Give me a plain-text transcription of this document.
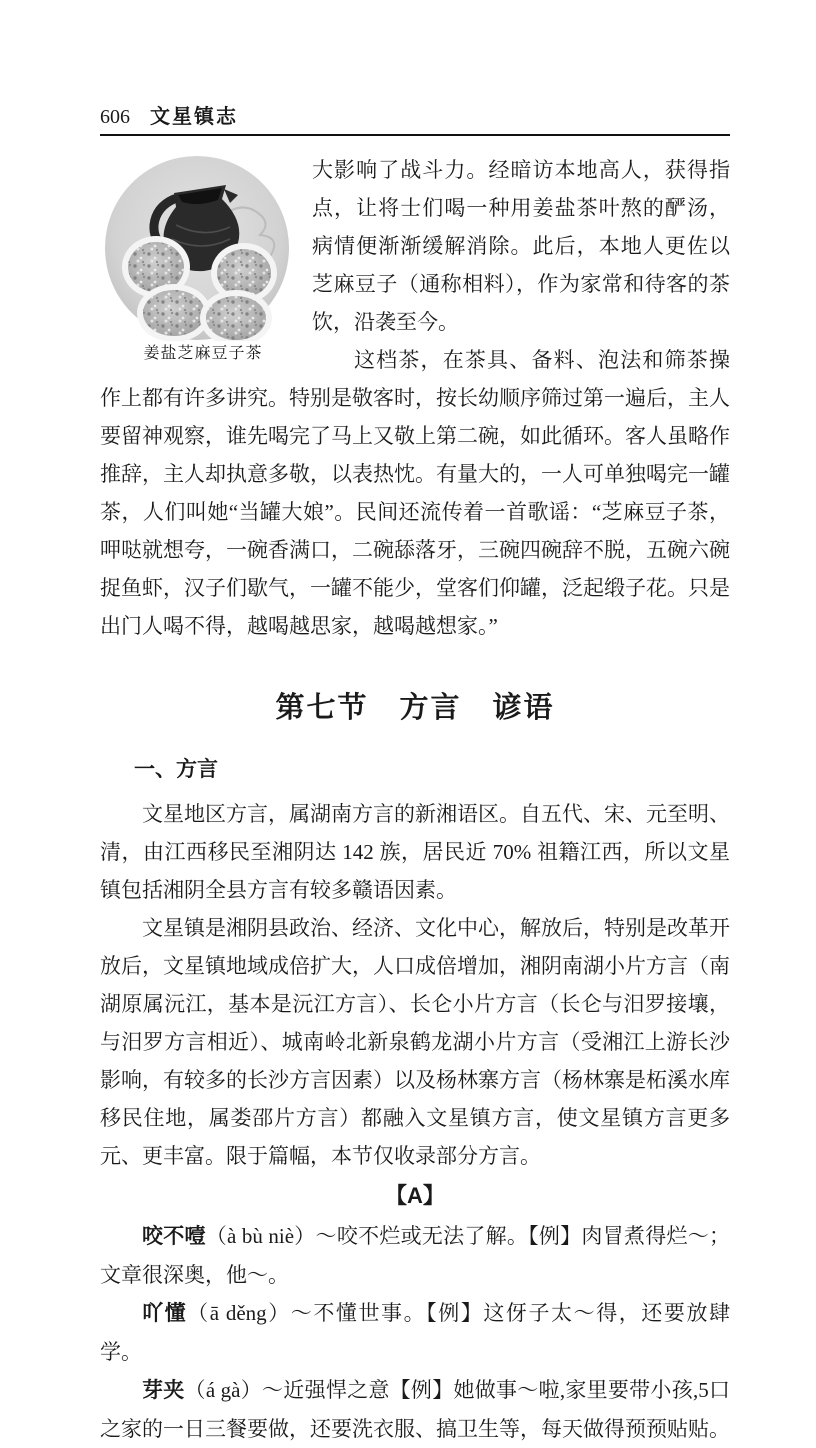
606 文星镇志
姜盐芝麻豆子茶

大影响了战斗力。经暗访本地高人，获得指点，让将士们喝一种用姜盐茶叶熬的酽汤，病情便渐渐缓解消除。此后，本地人更佐以芝麻豆子（通称相料），作为家常和待客的茶饮，沿袭至今。

这档茶，在茶具、备料、泡法和筛茶操作上都有许多讲究。特别是敬客时，按长幼顺序筛过第一遍后，主人要留神观察，谁先喝完了马上又敬上第二碗，如此循环。客人虽略作推辞，主人却执意多敬，以表热忱。有量大的，一人可单独喝完一罐茶，人们叫她“当罐大娘”。民间还流传着一首歌谣：“芝麻豆子茶，呷哒就想夸，一碗香满口，二碗舔落牙，三碗四碗辞不脱，五碗六碗捉鱼虾，汉子们歇气，一罐不能少，堂客们仰罐，泛起缎子花。只是出门人喝不得，越喝越思家，越喝越想家。”

第七节　方言　谚语
一、方言

文星地区方言，属湖南方言的新湘语区。自五代、宋、元至明、清，由江西移民至湘阴达 142 族，居民近 70% 祖籍江西，所以文星镇包括湘阴全县方言有较多赣语因素。

文星镇是湘阴县政治、经济、文化中心，解放后，特别是改革开放后，文星镇地域成倍扩大，人口成倍增加，湘阴南湖小片方言（南湖原属沅江，基本是沅江方言）、长仑小片方言（长仑与汨罗接壤，与汨罗方言相近）、城南岭北新泉鹤龙湖小片方言（受湘江上游长沙影响，有较多的长沙方言因素）以及杨林寨方言（杨林寨是柘溪水库移民住地，属娄邵片方言）都融入文星镇方言，使文星镇方言更多元、更丰富。限于篇幅，本节仅收录部分方言。

【A】

咬不噎（à bù niè）～咬不烂或无法了解。【例】肉冒煮得烂～；文章很深奥，他～。

吖懂（ā děng）～不懂世事。【例】这伢子太～得，还要放肆学。

芽夹（á gà）～近强悍之意【例】她做事～啦,家里要带小孩,5口之家的一日三餐要做，还要洗衣服、搞卫生等，每天做得预预贴贴。
